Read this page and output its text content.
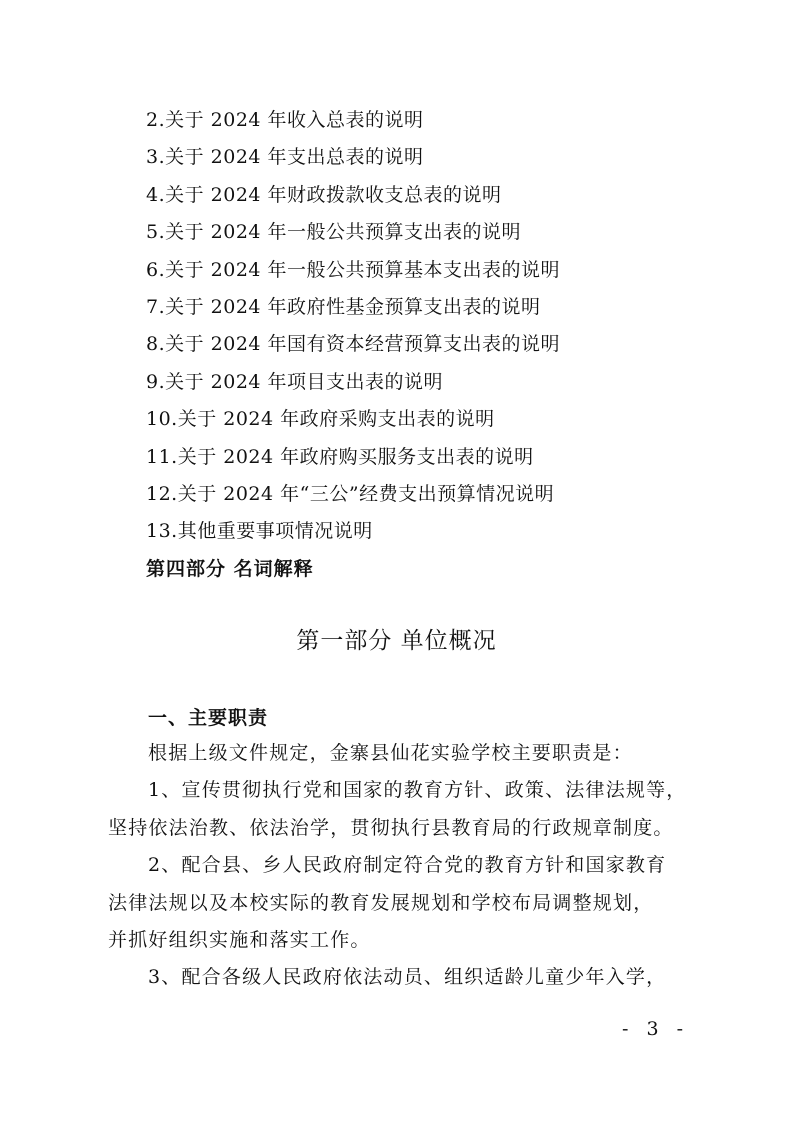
2.关于 2024 年收入总表的说明
3.关于 2024 年支出总表的说明
4.关于 2024 年财政拨款收支总表的说明
5.关于 2024 年一般公共预算支出表的说明
6.关于 2024 年一般公共预算基本支出表的说明
7.关于 2024 年政府性基金预算支出表的说明
8.关于 2024 年国有资本经营预算支出表的说明
9.关于 2024 年项目支出表的说明
10.关于 2024 年政府采购支出表的说明
11.关于 2024 年政府购买服务支出表的说明
12.关于 2024 年“三公”经费支出预算情况说明
13.其他重要事项情况说明
第四部分 名词解释
第一部分 单位概况
一、主要职责
根据上级文件规定，金寨县仙花实验学校主要职责是：
1、宣传贯彻执行党和国家的教育方针、政策、法律法规等，
坚持依法治教、依法治学，贯彻执行县教育局的行政规章制度。
2、配合县、乡人民政府制定符合党的教育方针和国家教育
法律法规以及本校实际的教育发展规划和学校布局调整规划，
并抓好组织实施和落实工作。
3、配合各级人民政府依法动员、组织适龄儿童少年入学，
- 3 -
